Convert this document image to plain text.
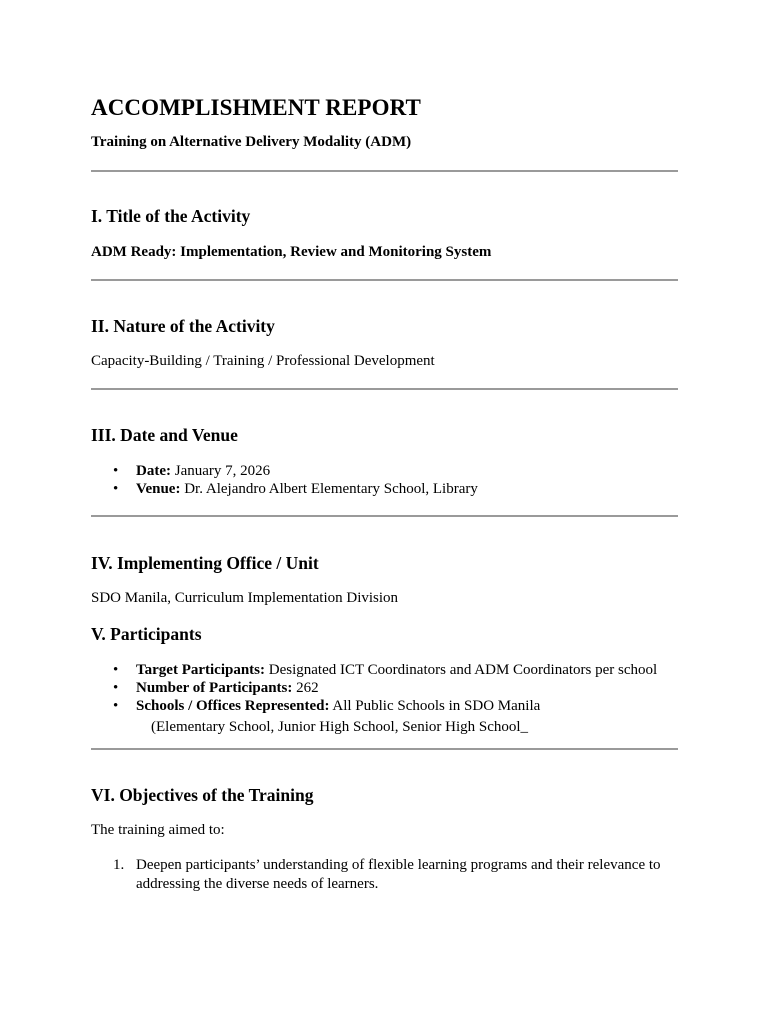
ACCOMPLISHMENT REPORT

Training on Alternative Delivery Modality (ADM)

I. Title of the Activity

ADM Ready: Implementation, Review and Monitoring System

II. Nature of the Activity

Capacity-Building / Training / Professional Development

III. Date and Venue
• Date: January 7, 2026
• Venue: Dr. Alejandro Albert Elementary School, Library
IV. Implementing Office / Unit

SDO Manila, Curriculum Implementation Division

V. Participants
• Target Participants: Designated ICT Coordinators and ADM Coordinators per school
• Number of Participants: 262
• Schools / Offices Represented: All Public Schools in SDO Manila

(Elementary School, Junior High School, Senior High School_

VI. Objectives of the Training

The training aimed to:

1. Deepen participants’ understanding of flexible learning programs and their relevance to addressing the diverse needs of learners.
